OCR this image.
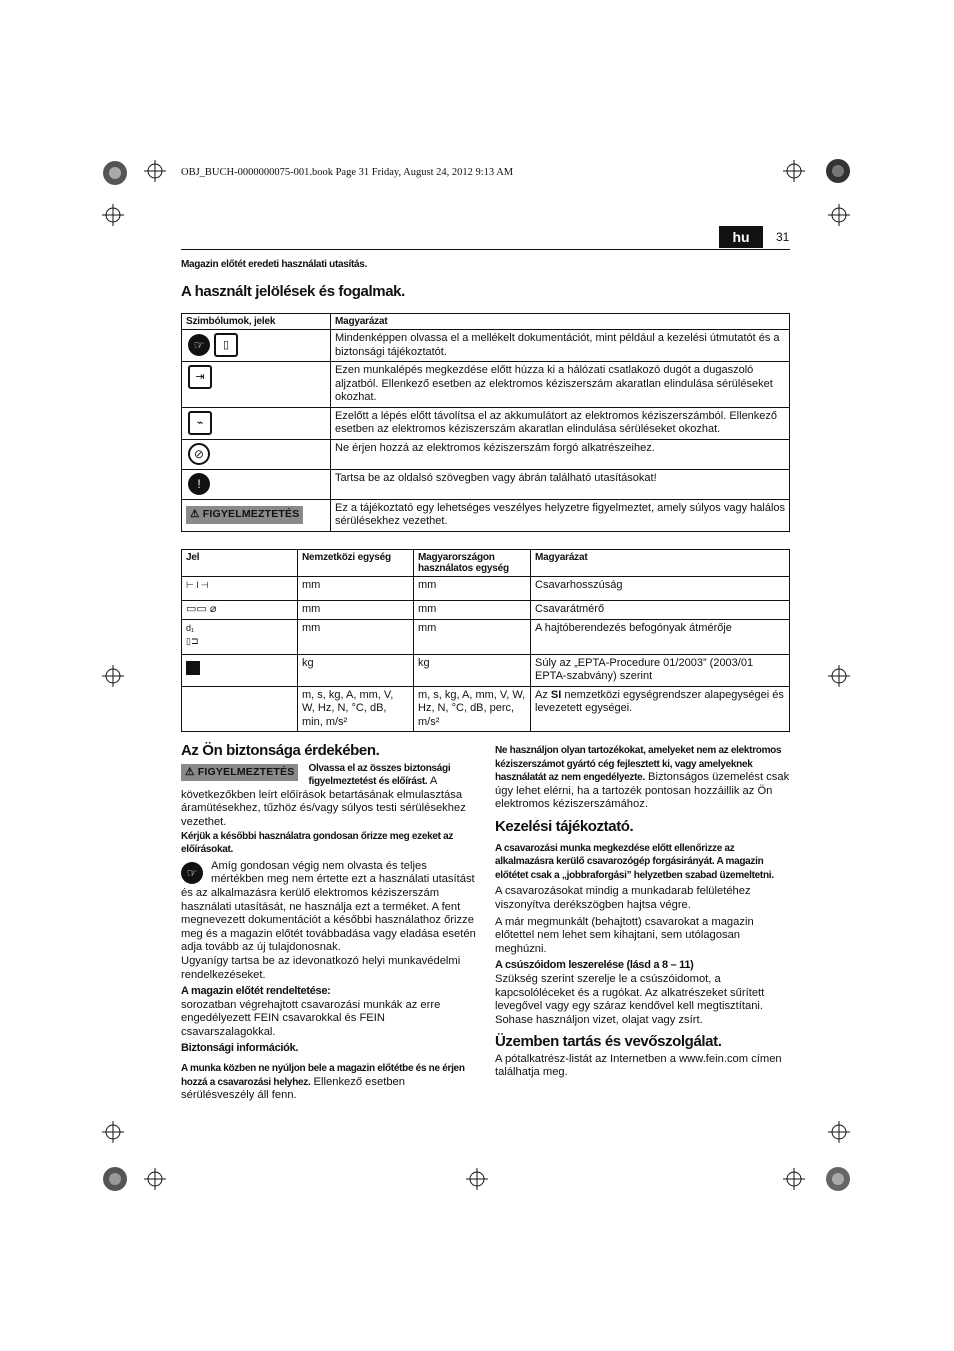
OBJ_BUCH-0000000075-001.book Page 31 Friday, August 24, 2012 9:13 AM
hu	31
Magazin előtét eredeti használati utasítás.
A használt jelölések és fogalmak.
Szimbólumok, jelek	Magyarázat
☞ ▯	Mindenképpen olvassa el a mellékelt dokumentációt, mint például a kezelési útmutatót és a biztonsági tájékoztatót.
⇥	Ezen munkalépés megkezdése előtt húzza ki a hálózati csatlakozó dugót a dugaszoló aljzatból. Ellenkező esetben az elektromos kéziszerszám akaratlan elindulása sérüléseket okozhat.
⌁	Ezelőtt a lépés előtt távolítsa el az akkumulátort az elektromos kéziszerszámból. Ellenkező esetben az elektromos kéziszerszám akaratlan elindulása sérüléseket okozhat.
⊘	Ne érjen hozzá az elektromos kéziszerszám forgó alkatrészeihez.
!	Tartsa be az oldalsó szövegben vagy ábrán található utasításokat!
⚠ FIGYELMEZTETÉS	Ez a tájékoztató egy lehetséges veszélyes helyzetre figyelmeztet, amely súlyos vagy halálos sérülésekhez vezethet.
Jel	Nemzetközi egység	Magyarországon használatos egység	Magyarázat
⊢ l ⊣	mm	mm	Csavarhosszúság
▭▭ ⌀	mm	mm	Csavarátmérő
d₁
▯⊐	mm	mm	A hajtóberendezés befogónyak átmérője
	kg	kg	Súly az „EPTA-Procedure 01/2003” (2003/01 EPTA-szabvány) szerint
	m, s, kg, A, mm, V, W, Hz, N, °C, dB, min, m/s²	m, s, kg, A, mm, V, W, Hz, N, °C, dB, perc, m/s²	Az SI nemzetközi egységrendszer alapegységei és levezetett egységei.
Az Ön biztonsága érdekében.
⚠ FIGYELMEZTETÉS	Olvassa el az összes biztonsági figyelmeztetést és előírást. A következőkben leírt előírások betartásának elmulasztása áramütésekhez, tűzhöz és/vagy súlyos testi sérülésekhez vezethet.

Kérjük a későbbi használatra gondosan őrizze meg ezeket az előírásokat.

☞	Amíg gondosan végig nem olvasta és teljes mértékben meg nem értette ezt a használati utasítást és az alkalmazásra kerülő elektromos kéziszerszám használati utasítását, ne használja ezt a terméket. A fent megnevezett dokumentációt a későbbi használathoz őrizze meg és a magazin előtét továbbadása vagy eladása esetén adja tovább az új tulajdonosnak.

Ugyanígy tartsa be az idevonatkozó helyi munkavédelmi rendelkezéseket.

A magazin előtét rendeltetése:

sorozatban végrehajtott csavarozási munkák az erre engedélyezett FEIN csavarokkal és FEIN csavarszalagokkal.

Biztonsági információk.

A munka közben ne nyúljon bele a magazin előtétbe és ne érjen hozzá a csavarozási helyhez. Ellenkező esetben sérülésveszély áll fenn.

Ne használjon olyan tartozékokat, amelyeket nem az elektromos kéziszerszámot gyártó cég fejlesztett ki, vagy amelyeknek használatát az nem engedélyezte. Biztonságos üzemelést csak úgy lehet elérni, ha a tartozék pontosan hozzáillik az Ön elektromos kéziszerszámához.

Kezelési tájékoztató.

A csavarozási munka megkezdése előtt ellenőrizze az alkalmazásra kerülő csavarozógép forgásirányát. A magazin előtétet csak a „jobbraforgási” helyzetben szabad üzemeltetni.

A csavarozásokat mindig a munkadarab felületéhez viszonyítva derékszögben hajtsa végre.

A már megmunkált (behajtott) csavarokat a magazin előtettel nem lehet sem kihajtani, sem utólagosan meghúzni.

A csúszóidom leszerelése (lásd a 8 – 11)

Szükség szerint szerelje le a csúszóidomot, a kapcsolóléceket és a rugókat. Az alkatrészeket sűrített levegővel vagy egy száraz kendővel kell megtisztítani. Sohase használjon vizet, olajat vagy zsírt.

Üzemben tartás és vevőszolgálat.

A pótalkatrész-listát az Internetben a www.fein.com címen találhatja meg.
